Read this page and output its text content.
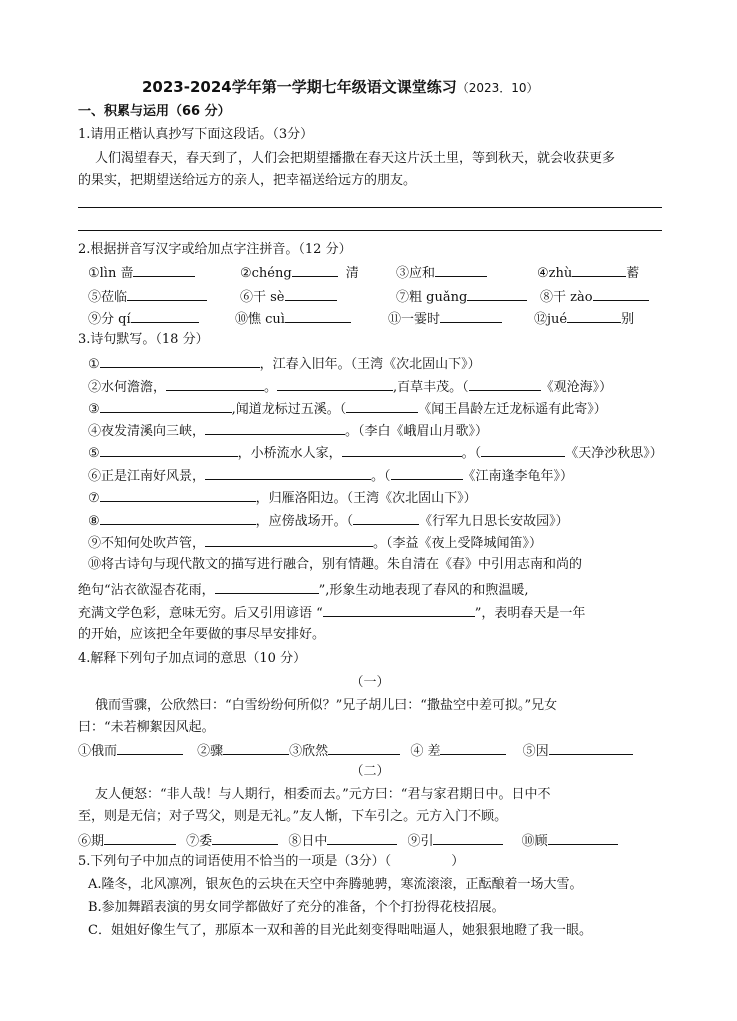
2023-2024学年第一学期七年级语文课堂练习（2023．10）
一、积累与运用（66 分）
1.请用正楷认真抄写下面这段话。（3分）
人们渴望春天，春天到了，人们会把期望播撒在春天这片沃土里，等到秋天，就会收获更多
的果实，把期望送给远方的亲人，把幸福送给远方的朋友。
2.根据拼音写汉字或给加点字注拼音。（12 分）
①lìn 啬	②chéng	清	③应和	④zhù	蓄
⑤莅临	⑥干 sè	⑦粗 guǎng	⑧干 zào
⑨分 qí	⑩憔 cuì	⑪一霎时	⑫jué	别
3.诗句默写。（18 分）
①	，江春入旧年。（王湾《次北固山下》）
②水何澹澹，	。	,百草丰茂。（	《观沧海》）
③	,闻道龙标过五溪。（	《闻王昌龄左迁龙标遥有此寄》）
④夜发清溪向三峡，	。（李白《峨眉山月歌》）
⑤	，小桥流水人家，	。（	《天净沙秋思》）
⑥正是江南好风景，	。（	《江南逢李龟年》）
⑦	，归雁洛阳边。（王湾《次北固山下》）
⑧	，应傍战场开。（	《行军九日思长安故园》）
⑨不知何处吹芦管，	。（李益《夜上受降城闻笛》）
⑩将古诗句与现代散文的描写进行融合，别有情趣。朱自清在《春》中引用志南和尚的
绝句“沾衣欲湿杏花雨，	”,形象生动地表现了春风的和煦温暖,
充满文学色彩，意味无穷。后又引用谚语 “	”，表明春天是一年
的开始，应该把全年要做的事尽早安排好。
4.解释下列句子加点词的意思（10 分）
（一）
俄而雪骤，公欣然曰：“白雪纷纷何所似？”兄子胡儿曰：“撒盐空中差可拟。”兄女
曰：“未若柳絮因风起。
①俄而	②骤	③欣然	④ 差	⑤因
（二）
友人便怒：“非人哉！与人期行，相委而去。”元方曰：“君与家君期日中。日中不
至，则是无信；对子骂父，则是无礼。”友人惭，下车引之。元方入门不顾。
⑥期	⑦委	⑧日中	⑨引	⑩顾
5.下列句子中加点的词语使用不恰当的一项是（3分）（	）
A.隆冬，北风凛冽，银灰色的云块在天空中奔腾驰骋，寒流滚滚，正酝酿着一场大雪。
B.参加舞蹈表演的男女同学都做好了充分的准备，个个打扮得花枝招展。
C．姐姐好像生气了，那原本一双和善的目光此刻变得咄咄逼人，她狠狠地瞪了我一眼。
